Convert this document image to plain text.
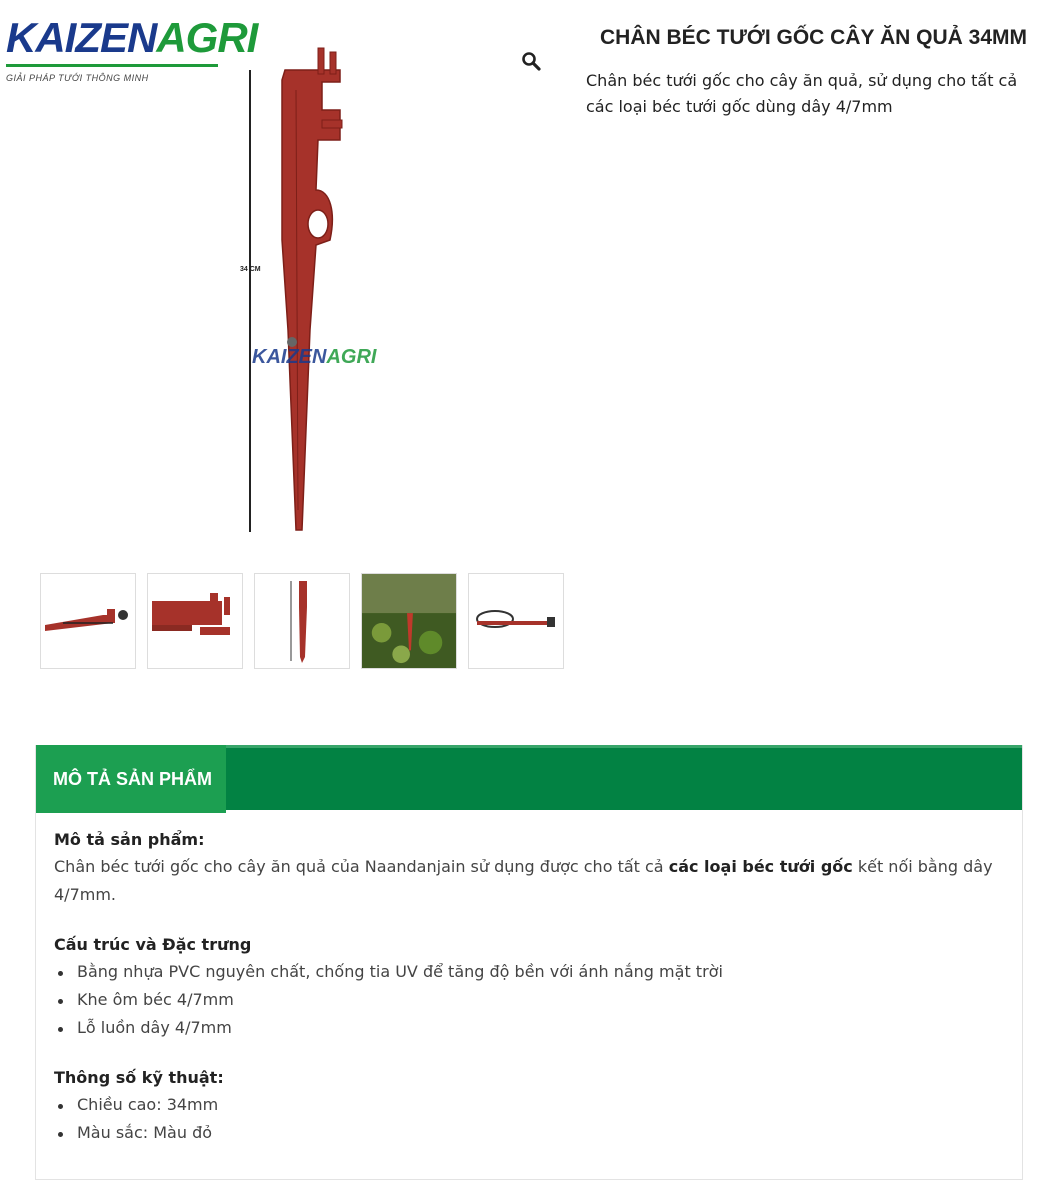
KAIZENAGRI
GIẢI PHÁP TƯỚI THÔNG MINH
34 CM
KAIZENAGRI
CHÂN BÉC TƯỚI GỐC CÂY ĂN QUẢ 34MM

Chân béc tưới gốc cho cây ăn quả, sử dụng cho tất cả các loại béc tưới gốc dùng dây 4/7mm

MÔ TẢ SẢN PHẨM
Mô tả sản phẩm:

Chân béc tưới gốc cho cây ăn quả của Naandanjain sử dụng được cho tất cả các loại béc tưới gốc kết nối bằng dây 4/7mm.

Cấu trúc và Đặc trưng
Bằng nhựa PVC nguyên chất, chống tia UV để tăng độ bền với ánh nắng mặt trời
Khe ôm béc 4/7mm
Lỗ luồn dây 4/7mm
Thông số kỹ thuật:
Chiều cao: 34mm
Màu sắc: Màu đỏ
